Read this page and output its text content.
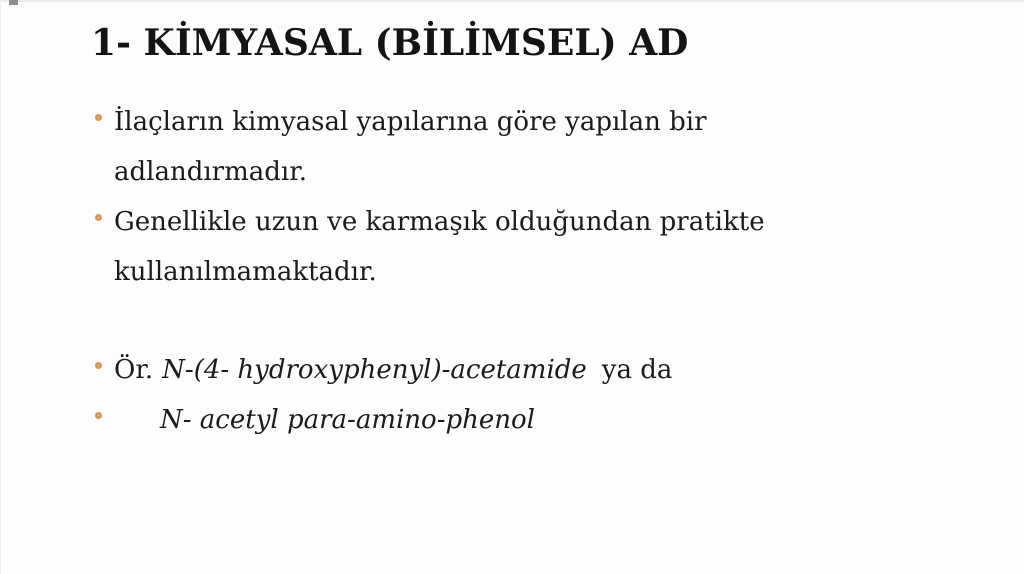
1- KİMYASAL (BİLİMSEL) AD
İlaçların kimyasal yapılarına göre yapılan bir
adlandırmadır.
Genellikle uzun ve karmaşık olduğundan pratikte
kullanılmamaktadır.
Ör. N-(4- hydroxyphenyl)-acetamide ya da
N- acetyl para-amino-phenol
